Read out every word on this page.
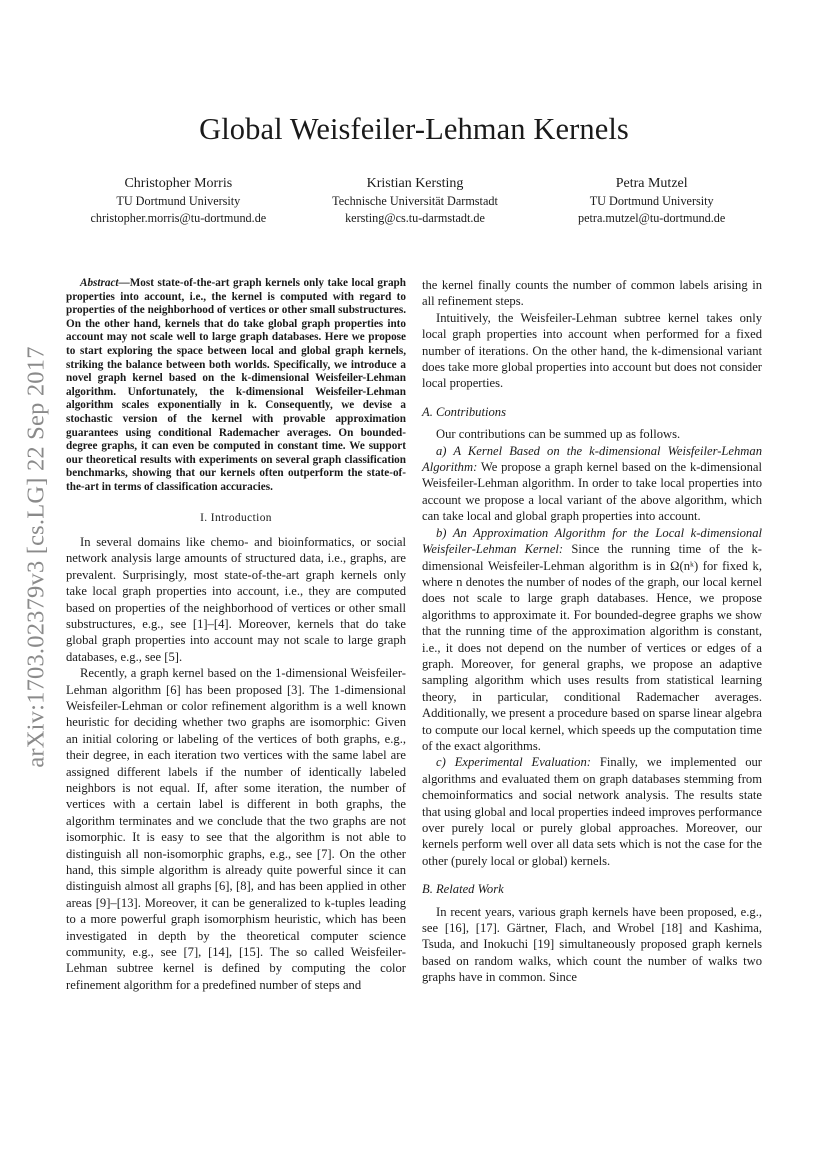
arXiv:1703.02379v3 [cs.LG] 22 Sep 2017
Global Weisfeiler-Lehman Kernels
Christopher Morris
TU Dortmund University
christopher.morris@tu-dortmund.de
Kristian Kersting
Technische Universität Darmstadt
kersting@cs.tu-darmstadt.de
Petra Mutzel
TU Dortmund University
petra.mutzel@tu-dortmund.de
Abstract—Most state-of-the-art graph kernels only take local graph properties into account, i.e., the kernel is computed with regard to properties of the neighborhood of vertices or other small substructures. On the other hand, kernels that do take global graph properties into account may not scale well to large graph databases. Here we propose to start exploring the space between local and global graph kernels, striking the balance between both worlds. Specifically, we introduce a novel graph kernel based on the k-dimensional Weisfeiler-Lehman algorithm. Unfortunately, the k-dimensional Weisfeiler-Lehman algorithm scales exponentially in k. Consequently, we devise a stochastic version of the kernel with provable approximation guarantees using conditional Rademacher averages. On bounded-degree graphs, it can even be computed in constant time. We support our theoretical results with experiments on several graph classification benchmarks, showing that our kernels often outperform the state-of-the-art in terms of classification accuracies.
I. Introduction

In several domains like chemo- and bioinformatics, or social network analysis large amounts of structured data, i.e., graphs, are prevalent. Surprisingly, most state-of-the-art graph kernels only take local graph properties into account, i.e., they are computed based on properties of the neighborhood of vertices or other small substructures, e.g., see [1]–[4]. Moreover, kernels that do take global graph properties into account may not scale to large graph databases, e.g., see [5].

Recently, a graph kernel based on the 1-dimensional Weisfeiler-Lehman algorithm [6] has been proposed [3]. The 1-dimensional Weisfeiler-Lehman or color refinement algorithm is a well known heuristic for deciding whether two graphs are isomorphic: Given an initial coloring or labeling of the vertices of both graphs, e.g., their degree, in each iteration two vertices with the same label are assigned different labels if the number of identically labeled neighbors is not equal. If, after some iteration, the number of vertices with a certain label is different in both graphs, the algorithm terminates and we conclude that the two graphs are not isomorphic. It is easy to see that the algorithm is not able to distinguish all non-isomorphic graphs, e.g., see [7]. On the other hand, this simple algorithm is already quite powerful since it can distinguish almost all graphs [6], [8], and has been applied in other areas [9]–[13]. Moreover, it can be generalized to k-tuples leading to a more powerful graph isomorphism heuristic, which has been investigated in depth by the theoretical computer science community, e.g., see [7], [14], [15]. The so called Weisfeiler-Lehman subtree kernel is defined by computing the color refinement algorithm for a predefined number of steps and

the kernel finally counts the number of common labels arising in all refinement steps.

Intuitively, the Weisfeiler-Lehman subtree kernel takes only local graph properties into account when performed for a fixed number of iterations. On the other hand, the k-dimensional variant does take more global properties into account but does not consider local properties.

A. Contributions

Our contributions can be summed up as follows.

a) A Kernel Based on the k-dimensional Weisfeiler-Lehman Algorithm: We propose a graph kernel based on the k-dimensional Weisfeiler-Lehman algorithm. In order to take local properties into account we propose a local variant of the above algorithm, which can take local and global graph properties into account.

b) An Approximation Algorithm for the Local k-dimensional Weisfeiler-Lehman Kernel: Since the running time of the k-dimensional Weisfeiler-Lehman algorithm is in Ω(nᵏ) for fixed k, where n denotes the number of nodes of the graph, our local kernel does not scale to large graph databases. Hence, we propose algorithms to approximate it. For bounded-degree graphs we show that the running time of the approximation algorithm is constant, i.e., it does not depend on the number of vertices or edges of a graph. Moreover, for general graphs, we propose an adaptive sampling algorithm which uses results from statistical learning theory, in particular, conditional Rademacher averages. Additionally, we present a procedure based on sparse linear algebra to compute our local kernel, which speeds up the computation time of the exact algorithms.

c) Experimental Evaluation: Finally, we implemented our algorithms and evaluated them on graph databases stemming from chemoinformatics and social network analysis. The results state that using global and local properties indeed improves performance over purely local or purely global approaches. Moreover, our kernels perform well over all data sets which is not the case for the other (purely local or global) kernels.

B. Related Work

In recent years, various graph kernels have been proposed, e.g., see [16], [17]. Gärtner, Flach, and Wrobel [18] and Kashima, Tsuda, and Inokuchi [19] simultaneously proposed graph kernels based on random walks, which count the number of walks two graphs have in common. Since
